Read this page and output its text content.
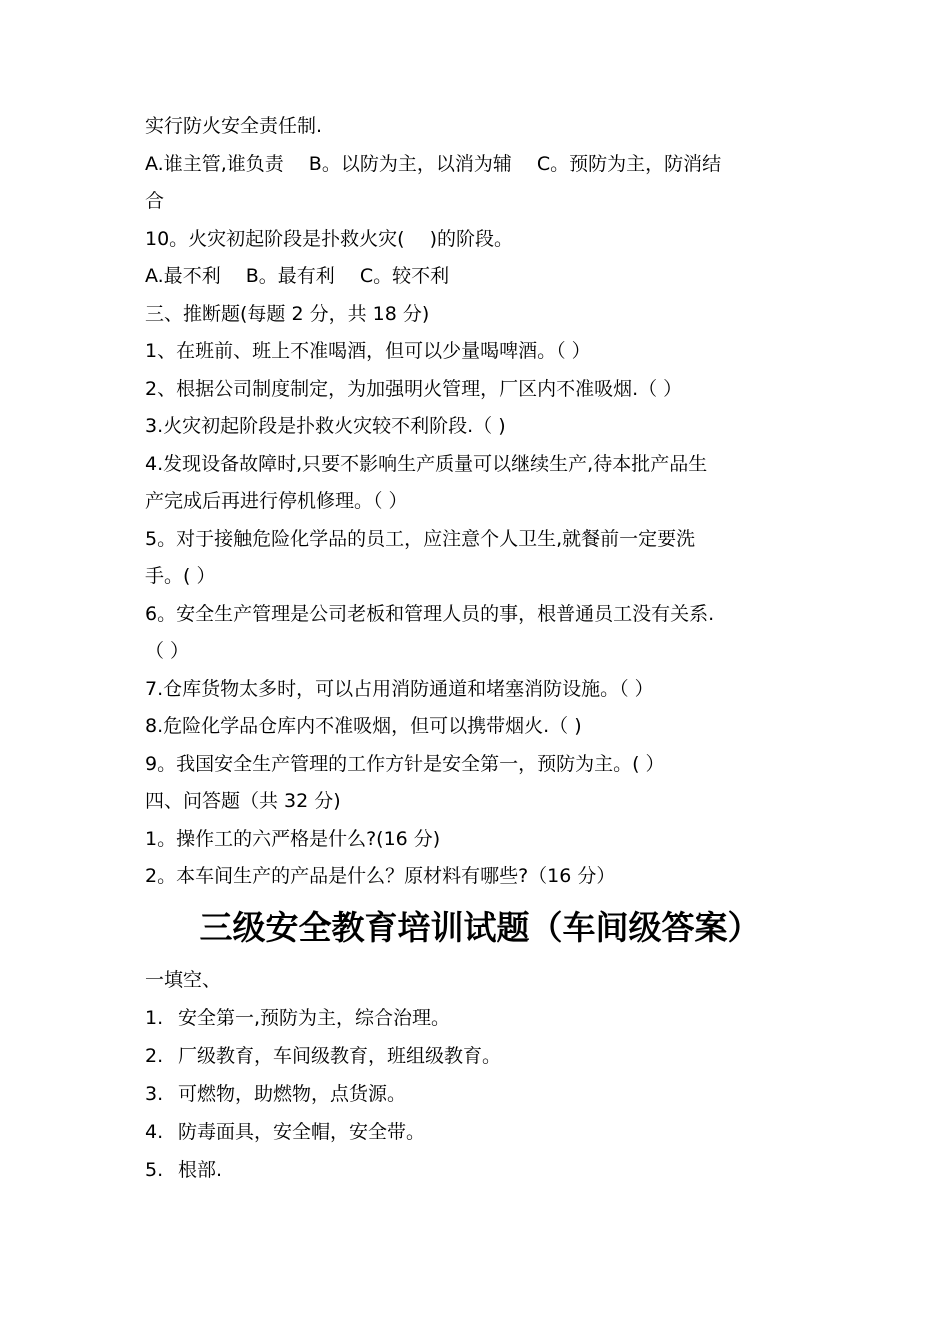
实行防火安全责任制.

A.谁主管,谁负责　 B。以防为主，以消为辅　 C。预防为主，防消结

合

10。火灾初起阶段是扑救火灾(　 )的阶段。

A.最不利　 B。最有利　 C。较不利

三、推断题(每题 2 分，共 18 分)

1、在班前、班上不准喝酒，但可以少量喝啤酒。（ ）

2、根据公司制度制定，为加强明火管理，厂区内不准吸烟.（ ）

3.火灾初起阶段是扑救火灾较不利阶段.（ )

4.发现设备故障时,只要不影响生产质量可以继续生产,待本批产品生

产完成后再进行停机修理。（ ）

5。对于接触危险化学品的员工，应注意个人卫生,就餐前一定要洗

手。( ）

6。安全生产管理是公司老板和管理人员的事，根普通员工没有关系.

（ ）

7.仓库货物太多时，可以占用消防通道和堵塞消防设施。（ ）

8.危险化学品仓库内不准吸烟，但可以携带烟火.（ )

9。我国安全生产管理的工作方针是安全第一，预防为主。( ）

四、问答题（共 32 分)

1。操作工的六严格是什么?(16 分)

2。本车间生产的产品是什么？原材料有哪些?（16 分）

三级安全教育培训试题（车间级答案）

一填空、

1. 安全第一,预防为主，综合治理。
2. 厂级教育，车间级教育，班组级教育。
3. 可燃物，助燃物，点货源。
4. 防毒面具，安全帽，安全带。
5. 根部.
